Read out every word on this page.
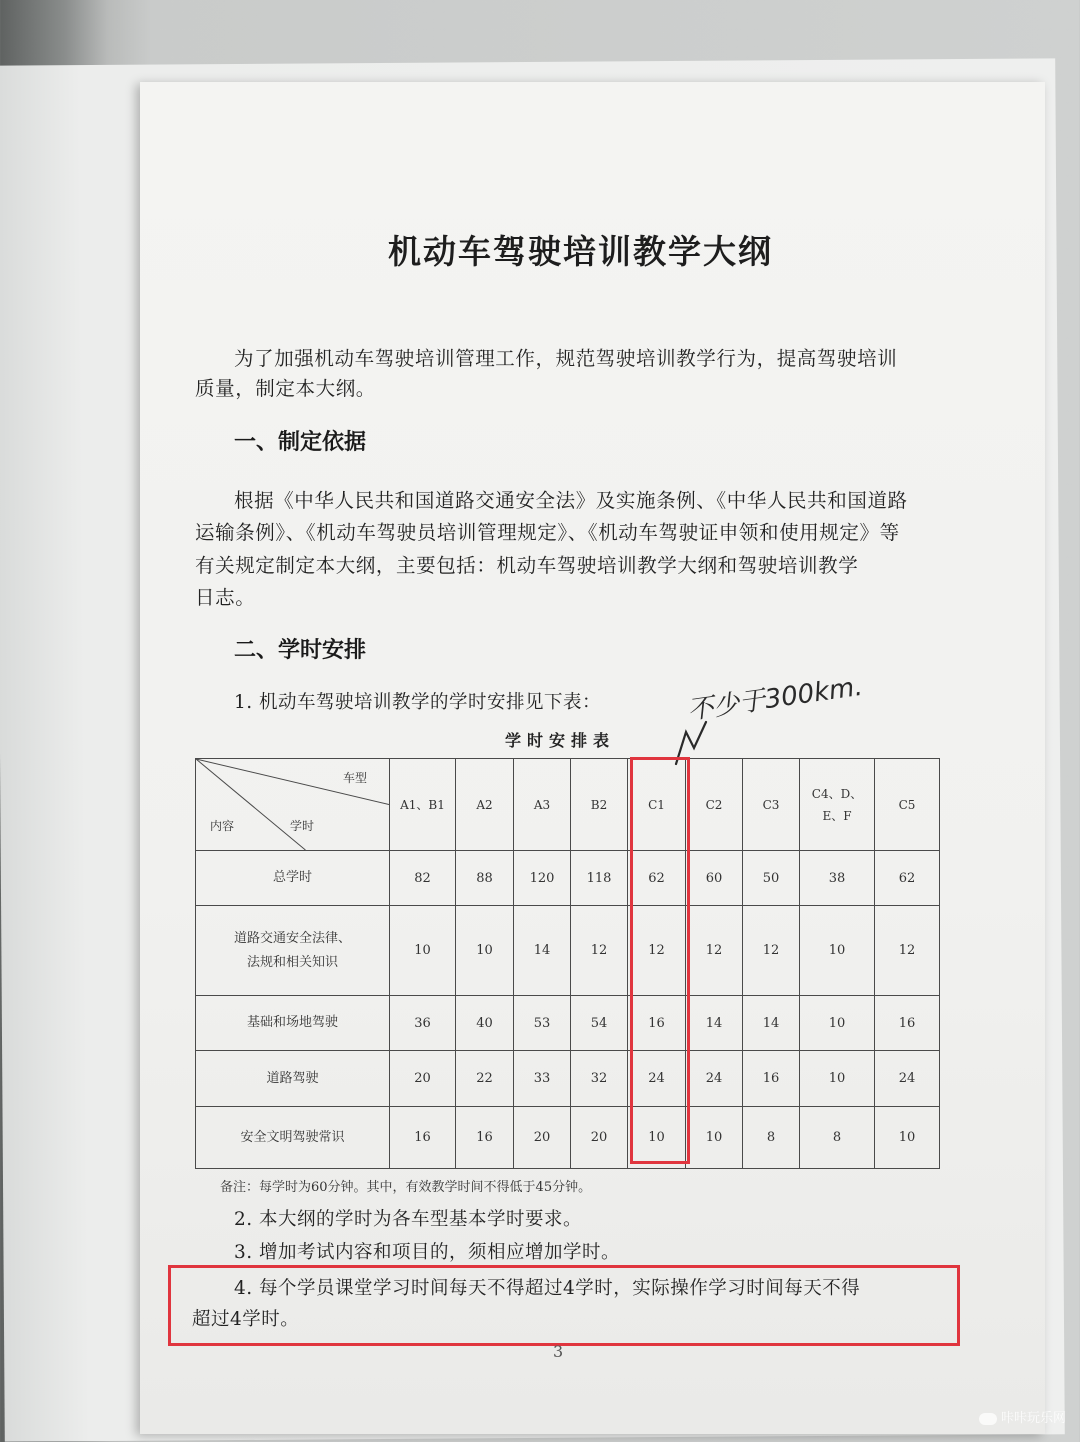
机动车驾驶培训教学大纲
为了加强机动车驾驶培训管理工作，规范驾驶培训教学行为，提高驾驶培训
质量，制定本大纲。
一、制定依据
根据《中华人民共和国道路交通安全法》及实施条例、《中华人民共和国道路
运输条例》、《机动车驾驶员培训管理规定》、《机动车驾驶证申领和使用规定》等
有关规定制定本大纲，主要包括：机动车驾驶培训教学大纲和驾驶培训教学
日志。
二、学时安排
1. 机动车驾驶培训教学的学时安排见下表：	不少于300km.
学时安排表
车型
内容 学时	A1、B1	A2	A3	B2	C1	C2	C3	C4、D、E、F	C5
总学时	82	88	120	118	62	60	50	38	62

道路交通安全法律、
法规和相关知识	10	10	14	12	12	12	12	10	12
基础和场地驾驶	36	40	53	54	16	14	14	10	16
道路驾驶	20	22	33	32	24	24	16	10	24
安全文明驾驶常识	16	16	20	20	10	10	8	8	10
备注：每学时为60分钟。其中，有效教学时间不得低于45分钟。
2. 本大纲的学时为各车型基本学时要求。
3. 增加考试内容和项目的，须相应增加学时。
4. 每个学员课堂学习时间每天不得超过4学时，实际操作学习时间每天不得
超过4学时。
3
咔咔玩乐网
